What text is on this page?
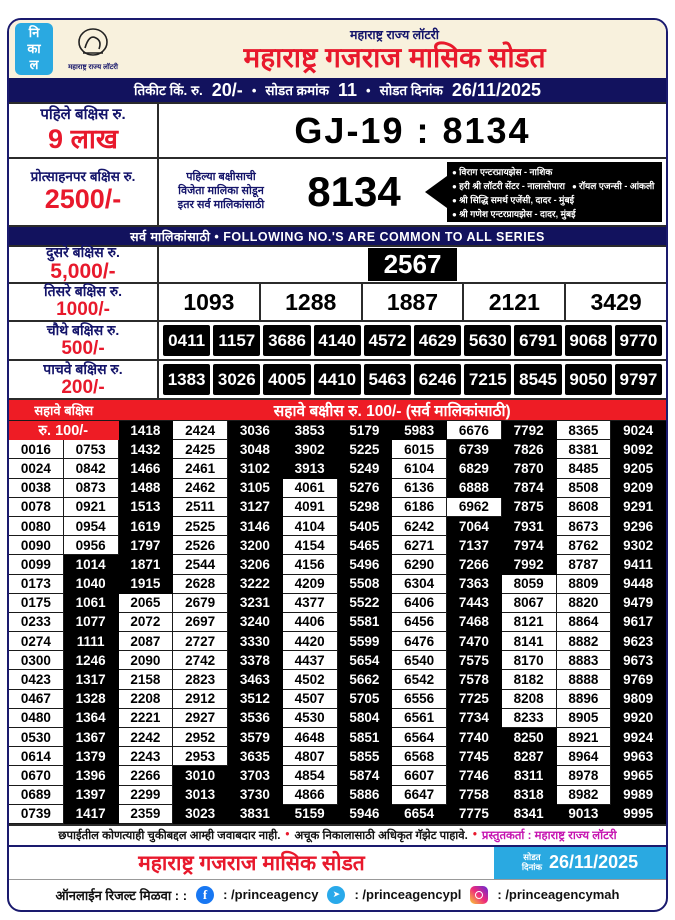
नि
का
ल	महाराष्ट्र राज्य लॉटरी
महाराष्ट्र राज्य लॉटरी
महाराष्ट्र गजराज मासिक सोडत
तिकीट किं. रु. 20/- • सोडत क्रमांक 11 • सोडत दिनांक 26/11/2025
पहिले बक्षिस रु.
9 लाख	GJ-19 : 8134
प्रोत्साहनपर बक्षिस रु.
2500/-
पहिल्या बक्षीसाची
विजेता मालिका सोडून
इतर सर्व मालिकांसाठी	8134	● विराग एन्टरप्रायझेस - नाशिक
● हरी श्री लॉटरी सेंटर - नालासोपारा	● रॉयल एजन्सी - आंकली
● श्री सिद्धि समर्थ एजेंसी, दादर - मुंबई
● श्री गणेश एन्टरप्रायझेस - दादर, मुंबई
सर्व मालिकांसाठी • FOLLOWING NO.'S ARE COMMON TO ALL SERIES
दुसरे बक्षिस रु.
5,000/-	2567
तिसरे बक्षिस रु.
1000/-	1093	1288	1887	2121	3429
चौथे बक्षिस रु.
500/-	0411 1157 3686 4140 4572 4629 5630 6791 9068 9770
पाचवे बक्षिस रु.
200/-	1383 3026 4005 4410 5463 6246 7215 8545 9050 9797
सहावे बक्षिस	सहावे बक्षीस रु. 100/- (सर्व मालिकांसाठी)
रु. 100/-	1418	2424	3036	3853	5179	5983	6676	7792	8365	9024
0016	0753	1432	2425	3048	3902	5225	6015	6739	7826	8381	9092
0024	0842	1466	2461	3102	3913	5249	6104	6829	7870	8485	9205
0038	0873	1488	2462	3105	4061	5276	6136	6888	7874	8508	9209
0078	0921	1513	2511	3127	4091	5298	6186	6962	7875	8608	9291
0080	0954	1619	2525	3146	4104	5405	6242	7064	7931	8673	9296
0090	0956	1797	2526	3200	4154	5465	6271	7137	7974	8762	9302
0099	1014	1871	2544	3206	4156	5496	6290	7266	7992	8787	9411
0173	1040	1915	2628	3222	4209	5508	6304	7363	8059	8809	9448
0175	1061	2065	2679	3231	4377	5522	6406	7443	8067	8820	9479
0233	1077	2072	2697	3240	4406	5581	6456	7468	8121	8864	9617
0274	1111	2087	2727	3330	4420	5599	6476	7470	8141	8882	9623
0300	1246	2090	2742	3378	4437	5654	6540	7575	8170	8883	9673
0423	1317	2158	2823	3463	4502	5662	6542	7578	8182	8888	9769
0467	1328	2208	2912	3512	4507	5705	6556	7725	8208	8896	9809
0480	1364	2221	2927	3536	4530	5804	6561	7734	8233	8905	9920
0530	1367	2242	2952	3579	4648	5851	6564	7740	8250	8921	9924
0614	1379	2243	2953	3635	4807	5855	6568	7745	8287	8964	9963
0670	1396	2266	3010	3703	4854	5874	6607	7746	8311	8978	9965
0689	1397	2299	3013	3730	4866	5886	6647	7758	8318	8982	9989
0739	1417	2359	3023	3831	5159	5946	6654	7775	8341	9013	9995
छपाईतील कोणत्याही चुकीबद्दल आम्ही जवाबदार नाही. • अचूक निकालासाठी अधिकृत गॅझेट पाहावे. • प्रस्तुतकर्ता : महाराष्ट्र राज्य लॉटरी
महाराष्ट्र गजराज मासिक सोडत	सोडत
दिनांक 26/11/2025
ऑनलाईन रिजल्ट मिळवा : :	f	: /princeagency	➤	: /princeagencypl	: /princeagencymah
